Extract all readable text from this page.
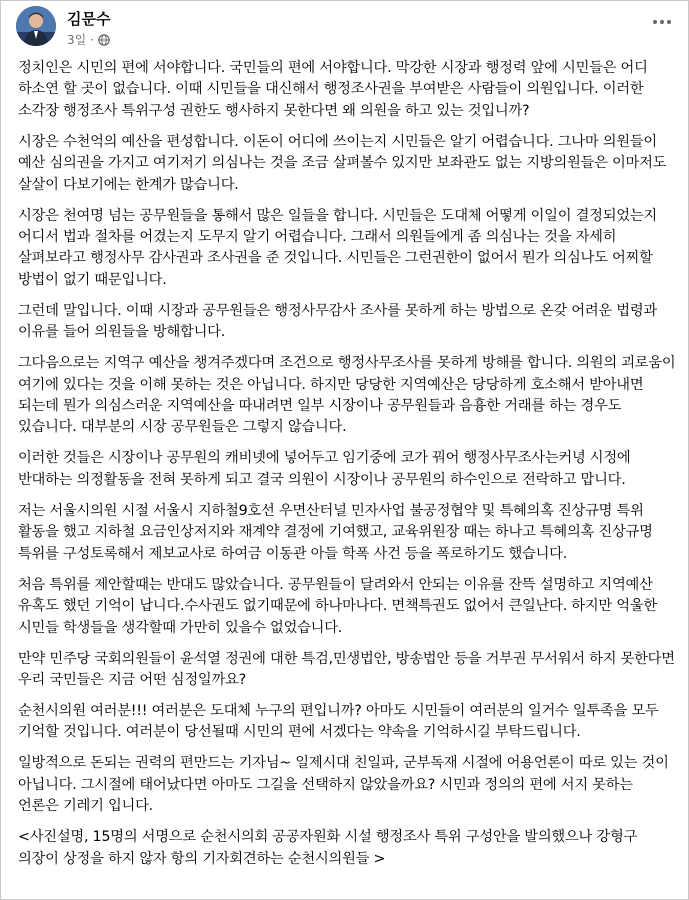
김문수
3일 ·

정치인은 시민의 편에 서야합니다. 국민들의 편에 서야합니다. 막강한 시장과 행정력 앞에 시민들은 어디 하소연 할 곳이 없습니다. 이때 시민들을 대신해서 행정조사권을 부여받은 사람들이 의원입니다. 이러한 소각장 행정조사 특위구성 권한도 행사하지 못한다면 왜 의원을 하고 있는 것입니까?

시장은 수천억의 예산을 편성합니다. 이돈이 어디에 쓰이는지 시민들은 알기 어렵습니다. 그나마 의원들이 예산 심의권을 가지고 여기저기 의심나는 것을 조금 살펴볼수 있지만 보좌관도 없는 지방의원들은 이마저도 살살이 다보기에는 한계가 많습니다.

시장은 천여명 넘는 공무원들을 통해서 많은 일들을 합니다. 시민들은 도대체 어떻게 이일이 결정되었는지 어디서 법과 절차를 어겼는지 도무지 알기 어렵습니다. 그래서 의원들에게 좀 의심나는 것을 자세히 살펴보라고 행정사무 감사권과 조사권을 준 것입니다. 시민들은 그런권한이 없어서 뭔가 의심나도 어찌할 방법이 없기 때문입니다.

그런데 말입니다. 이때 시장과 공무원들은 행정사무감사 조사를 못하게 하는 방법으로 온갖 어려운 법령과 이유를 들어 의원들을 방해합니다.

그다음으로는 지역구 예산을 챙겨주겠다며 조건으로 행정사무조사를 못하게 방해를 합니다. 의원의 괴로움이 여기에 있다는 것을 이해 못하는 것은 아닙니다. 하지만 당당한 지역예산은 당당하게 호소해서 받아내면 되는데 뭔가 의심스러운 지역예산을 따내려면 일부 시장이나 공무원들과 음흉한 거래를 하는 경우도 있습니다. 대부분의 시장 공무원들은 그렇지 않습니다.

이러한 것들은 시장이나 공무원의 캐비넷에 넣어두고 임기중에 코가 꿔어 행정사무조사는커녕 시정에 반대하는 의정활동을 전혀 못하게 되고 결국 의원이 시장이나 공무원의 하수인으로 전락하고 맙니다.

저는 서울시의원 시절 서울시 지하철9호선 우면산터널 민자사업 불공정협약 및 특혜의혹 진상규명 특위 활동을 했고 지하철 요금인상저지와 재계약 결정에 기여했고, 교육위원장 때는 하나고 특혜의혹 진상규명 특위를 구성토록해서 제보교사로 하여금 이동관 아들 학폭 사건 등을 폭로하기도 했습니다.

처음 특위를 제안할때는 반대도 많았습니다. 공무원들이 달려와서 안되는 이유를 잔뜩 설명하고 지역예산 유혹도 했던 기억이 납니다.수사권도 없기때문에 하나마나다. 면책특권도 없어서 큰일난다. 하지만 억울한 시민들 학생들을 생각할때 가만히 있을수 없었습니다.

만약 민주당 국회의원들이 윤석열 정권에 대한 특검,민생법안, 방송법안 등을 거부권 무서워서 하지 못한다면 우리 국민들은 지금 어떤 심정일까요?

순천시의원 여러분!!! 여러분은 도대체 누구의 편입니까? 아마도 시민들이 여러분의 일거수 일투족을 모두 기억할 것입니다. 여러분이 당선될때 시민의 편에 서겠다는 약속을 기억하시길 부탁드립니다.

일방적으로 돈되는 권력의 편만드는 기자님~ 일제시대 친일파, 군부독재 시절에 어용언론이 따로 있는 것이 아닙니다. 그시절에 태어났다면 아마도 그길을 선택하지 않았을까요? 시민과 정의의 편에 서지 못하는 언론은 기레기 입니다.

<사진설명, 15명의 서명으로 순천시의회 공공자원화 시설 행정조사 특위 구성안을 발의했으나 강형구 의장이 상정을 하지 않자 항의 기자회견하는 순천시의원들 >
